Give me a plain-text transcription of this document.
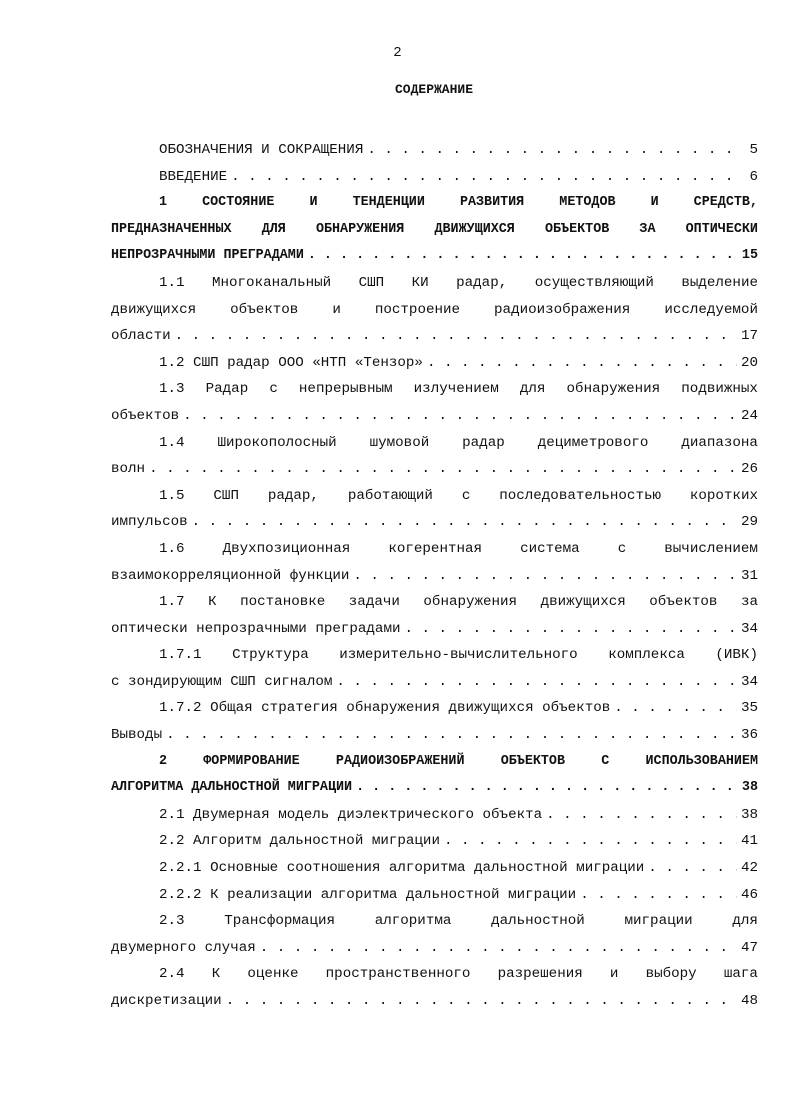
2
СОДЕРЖАНИЕ
ОБОЗНАЧЕНИЯ И СОКРАЩЕНИЯ . . .	5
ВВЕДЕНИЕ . . .	6
1	СОСТОЯНИЕ	И	ТЕНДЕНЦИИ	РАЗВИТИЯ	МЕТОДОВ	И	СРЕДСТВ,
ПРЕДНАЗНАЧЕННЫХ ДЛЯ ОБНАРУЖЕНИЯ ДВИЖУЩИХСЯ ОБЪЕКТОВ ЗА ОПТИЧЕСКИ
НЕПРОЗРАЧНЫМИ ПРЕГРАДАМИ . . .	15
1.1 Многоканальный СШП КИ радар, осуществляющий выделение
движущихся объектов и построение радиоизображения исследуемой
области . . .	17
1.2 СШП радар ООО «НТП «Тензор» . . .	20
1.3 Радар с непрерывным излучением для обнаружения подвижных
объектов . . .	24
1.4 Широкополосный шумовой радар дециметрового диапазона
волн . . .	26
1.5 СШП радар, работающий с последовательностью коротких
импульсов . . .	29
1.6	Двухпозиционная	когерентная	система	с	вычислением
взаимокорреляционной функции . . .	31
1.7 К постановке задачи обнаружения движущихся объектов за
оптически непрозрачными преградами . . .	34
1.7.1 Структура измерительно-вычислительного комплекса (ИВК)
с зондирующим СШП сигналом . . .	34
1.7.2 Общая стратегия обнаружения движущихся объектов . . .	35
Выводы . . .	36
2	ФОРМИРОВАНИЕ	РАДИОИЗОБРАЖЕНИЙ	ОБЪЕКТОВ	С	ИСПОЛЬЗОВАНИЕМ
АЛГОРИТМА ДАЛЬНОСТНОЙ МИГРАЦИИ . . .	38
2.1 Двумерная модель диэлектрического объекта . . .	38
2.2 Алгоритм дальностной миграции . . .	41
2.2.1 Основные соотношения алгоритма дальностной миграции . . .	42
2.2.2 К реализации алгоритма дальностной миграции . . .	46
2.3	Трансформация	алгоритма	дальностной	миграции	для
двумерного случая . . .	47
2.4 К оценке пространственного разрешения и выбору шага
дискретизации . . .	48
